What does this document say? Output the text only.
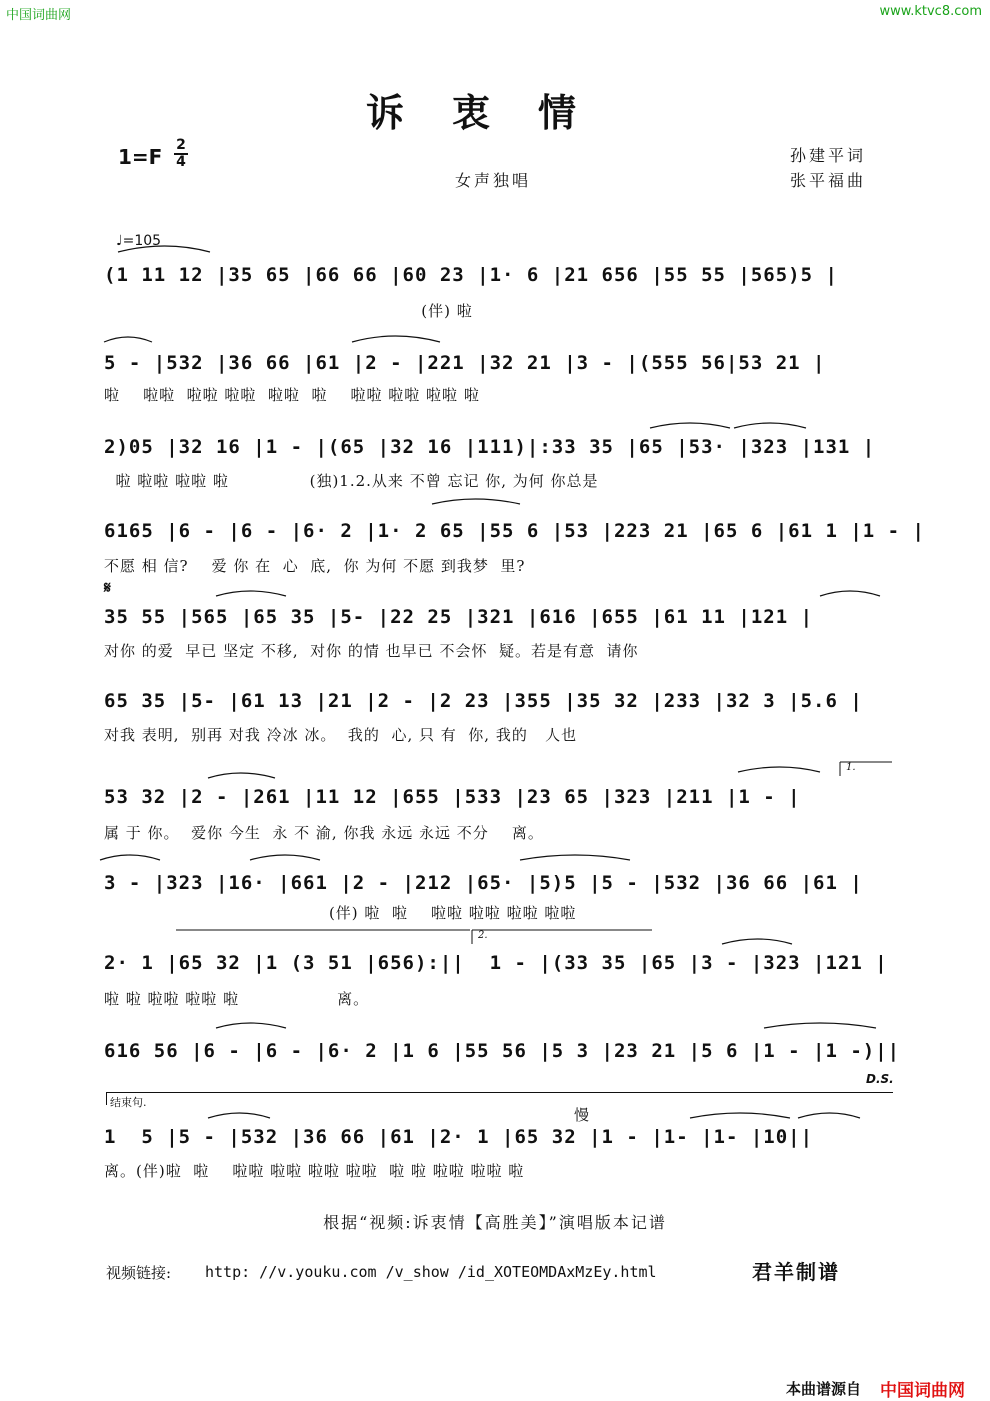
中国词曲网	www.ktvc8.com
诉衷情
1=F 2
4
女声独唱
孙建平词
张平福曲
♩=105
(1 11 12 |35 65 |66 66 |60 23 |1· 6 |21 656 |55 55 |565)5 |
(伴) 啦
5 - |532 |36 66 |61 |2 - |221 |32 21 |3 - |(555 56|53 21 |
啦    啦啦  啦啦 啦啦  啦啦  啦    啦啦 啦啦 啦啦 啦
2)05 |32 16 |1 - |(65 |32 16 |111)|:33 35 |65 |53· |323 |131 |
啦 啦啦 啦啦 啦              (独)1.2.从来 不曾 忘记 你, 为何 你总是
6165 |6 - |6 - |6· 2 |1· 2 65 |55 6 |53 |223 21 |65 6 |61 1 |1 - |
不愿 相 信?    爱 你 在  心  底,  你 为何 不愿 到我梦  里?
𝄋
35 55 |565 |65 35 |5- |22 25 |321 |616 |655 |61 11 |121 |
对你 的爱  早已 坚定 不移,  对你 的情 也早已 不会怀  疑。若是有意  请你
65 35 |5- |61 13 |21 |2 - |2 23 |355 |35 32 |233 |32 3 |5.6 |
对我 表明,  别再 对我 冷冰 冰。  我的  心, 只 有  你, 我的   人也
53 32 |2 - |261 |11 12 |655 |533 |23 65 |323 |211 |1 - |
属 于 你。  爱你 今生  永 不 渝, 你我 永远 永远 不分    离。
3 - |323 |16· |661 |2 - |212 |65· |5)5 |5 - |532 |36 66 |61 |
(伴) 啦  啦    啦啦 啦啦 啦啦 啦啦
2· 1 |65 32 |1 (3 51 |656):||  1 - |(33 35 |65 |3 - |323 |121 |
啦 啦 啦啦 啦啦 啦                 离。
616 56 |6 - |6 - |6· 2 |1 6 |55 56 |5 3 |23 21 |5 6 |1 - |1 -)||
D.S.
结束句.
慢
1  5 |5 - |532 |36 66 |61 |2· 1 |65 32 |1 - |1- |1- |10||
离。(伴)啦  啦    啦啦 啦啦 啦啦 啦啦  啦 啦 啦啦 啦啦 啦
1.
2.
根据“视频:诉衷情【高胜美】”演唱版本记谱
视频链接: http: //v.youku.com /v_show /id_XOTEOMDAxMzEy.html	君羊制谱
本曲谱源自 中国词曲网
